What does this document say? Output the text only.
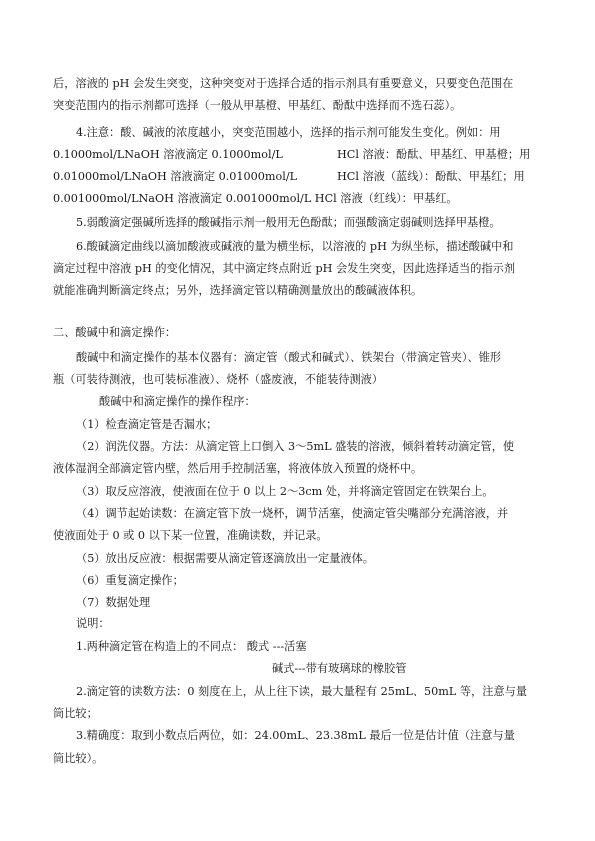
后，溶液的 pH 会发生突变，这种突变对于选择合适的指示剂具有重要意义，只要变色范围在
突变范围内的指示剂都可选择（一般从甲基橙、甲基红、酚酞中选择而不选石蕊）。
4.注意：酸、碱液的浓度越小，突变范围越小，选择的指示剂可能发生变化。例如：用
0.1000mol/LNaOH 溶液滴定 0.1000mol/L	HCl 溶液：酚酞、甲基红、甲基橙；用
0.01000mol/LNaOH 溶液滴定 0.01000mol/L	HCl 溶液（蓝线）：酚酞、甲基红；用
0.001000mol/LNaOH 溶液滴定 0.001000mol/L HCl 溶液（红线）：甲基红。
5.弱酸滴定强碱所选择的酸碱指示剂一般用无色酚酞；而强酸滴定弱碱则选择甲基橙。
6.酸碱滴定曲线以滴加酸液或碱液的量为横坐标，以溶液的 pH 为纵坐标，描述酸碱中和
滴定过程中溶液 pH 的变化情况，其中滴定终点附近 pH 会发生突变，因此选择适当的指示剂
就能准确判断滴定终点；另外，选择滴定管以精确测量放出的酸碱液体积。
二、酸碱中和滴定操作：
酸碱中和滴定操作的基本仪器有：滴定管（酸式和碱式）、铁架台（带滴定管夹）、锥形
瓶（可装待测液，也可装标准液）、烧杯（盛废液，不能装待测液）
酸碱中和滴定操作的操作程序：
（1）检查滴定管是否漏水；
（2）润洗仪器。方法：从滴定管上口倒入 3～5mL 盛装的溶液，倾斜着转动滴定管，使
液体湿润全部滴定管内壁，然后用手控制活塞，将液体放入预置的烧杯中。
（3）取反应溶液，使液面在位于 0 以上 2～3cm 处，并将滴定管固定在铁架台上。
（4）调节起始读数：在滴定管下放一烧杯，调节活塞，使滴定管尖嘴部分充满溶液，并
使液面处于 0 或 0 以下某一位置，准确读数，并记录。
（5）放出反应液：根据需要从滴定管逐滴放出一定量液体。
（6）重复滴定操作；
（7）数据处理
说明：
1.两种滴定管在构造上的不同点： 酸式 ---活塞
碱式---带有玻璃球的橡胶管
2.滴定管的读数方法：0 刻度在上，从上往下读，最大量程有 25mL、50mL 等，注意与量
筒比较；
3.精确度：取到小数点后两位，如：24.00mL、23.38mL 最后一位是估计值（注意与量
筒比较）。
